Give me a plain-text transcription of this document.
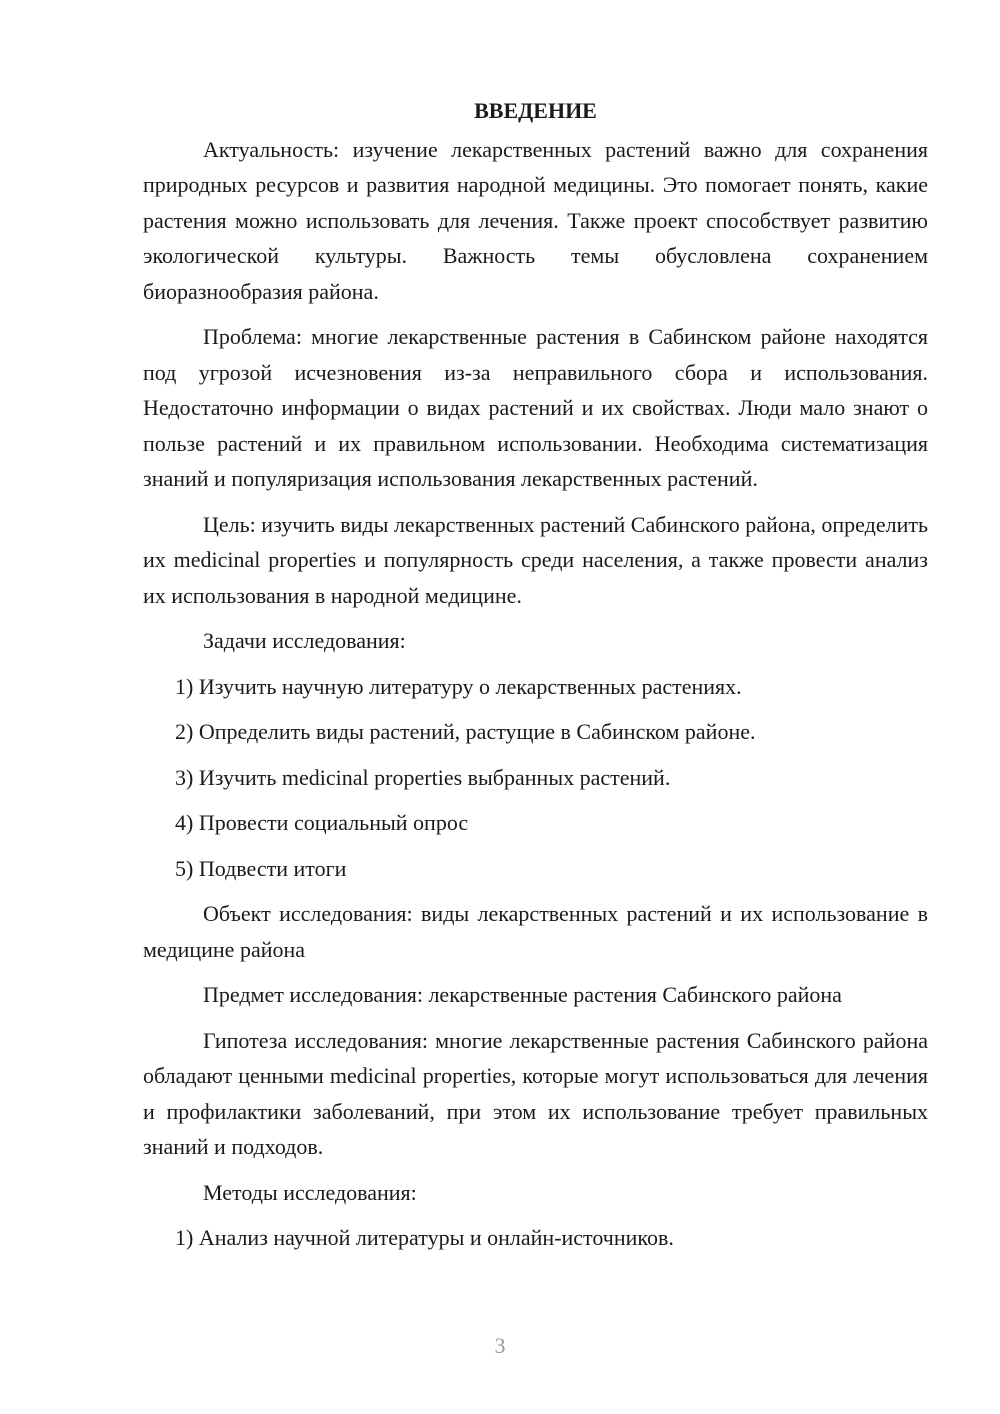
ВВЕДЕНИЕ

Актуальность: изучение лекарственных растений важно для сохранения природных ресурсов и развития народной медицины. Это помогает понять, какие растения можно использовать для лечения. Также проект способствует развитию экологической культуры. Важность темы обусловлена сохранением биоразнообразия района.

Проблема: многие лекарственные растения в Сабинском районе находятся под угрозой исчезновения из-за неправильного сбора и использования. Недостаточно информации о видах растений и их свойствах. Люди мало знают о пользе растений и их правильном использовании. Необходима систематизация знаний и популяризация использования лекарственных растений.

Цель: изучить виды лекарственных растений Сабинского района, определить их medicinal properties и популярность среди населения, а также провести анализ их использования в народной медицине.

Задачи исследования:

1) Изучить научную литературу о лекарственных растениях.

2) Определить виды растений, растущие в Сабинском районе.

3) Изучить medicinal properties выбранных растений.

4) Провести социальный опрос

5) Подвести итоги

Объект исследования: виды лекарственных растений и их использование в медицине района

Предмет исследования: лекарственные растения Сабинского района

Гипотеза исследования: многие лекарственные растения Сабинского района обладают ценными medicinal properties, которые могут использоваться для лечения и профилактики заболеваний, при этом их использование требует правильных знаний и подходов.

Методы исследования:

1) Анализ научной литературы и онлайн-источников.

3
